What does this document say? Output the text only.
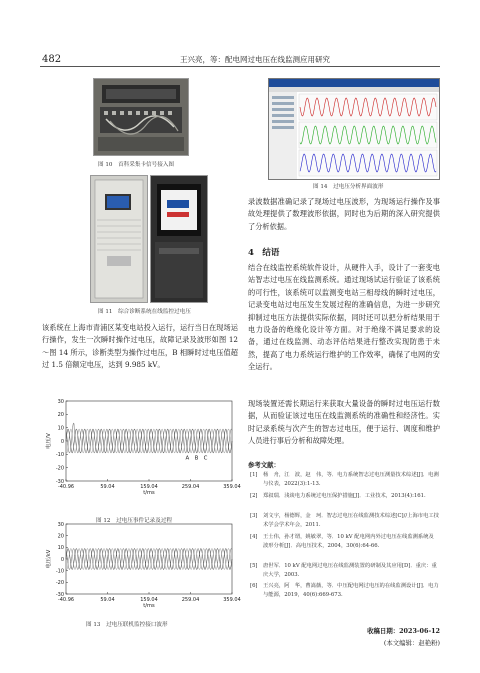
482	王兴亮，等：配电网过电压在线监测应用研究
图 10　首科采集卡信号接入图
图 11　综合诊断系统在线监控过电压
该系统在上海市青浦区某变电站投入运行，运行当日在现场运行操作，发生一次瞬时操作过电压，故障记录及波形如图 12～图 14 所示，诊断类型为操作过电压，B 相瞬时过电压值超过 1.5 倍额定电压，达到 9.985 kV。
30
20
10
0
-10
-20
-30
-40.96	59.04	159.04	259.04	359.04
t/ms
电压/V
A　B　C
图 12　过电压事件记录及过程
30
20
10
0
-10
-20
-30
-40.96	59.04	159.04	259.04	359.04
t/ms
电压/kV
图 13　过电压联机监控接口波形
图 14　过电压分析界面波形
录波数据准确记录了现场过电压波形，为现场运行操作及事故处理提供了数理波形依据，同时也为后期的深入研究提供了分析依据。
4　结语
结合在线监控系统软件设计，从硬件入手，设计了一套变电站智志过电压在线监测系统。通过现场试运行验证了该系统的可行性，该系统可以监测变电站三相母线的瞬时过电压，记录变电站过电压发生发展过程的准确信息，为进一步研究抑制过电压方法提供实际依据，同时还可以把分析结果用于电力设备的绝缘化设计等方面。对于绝缘不满足要求的设备，通过在线监测、动态评估结果进行整改实现防患于未然，提高了电力系统运行维护的工作效率，确保了电网的安全运行。
现场装置还需长期运行来获取大量设备的瞬时过电压运行数据，从而验证该过电压在线监测系统的准确性和经济性。实时记录系统与次产生的智志过电压，便于运行、调度和维护人员进行事后分析和故障处理。
参考文献：
[1]	杨　舟，江　波，赵　伟，等．电力系统智志过电压测量技术综述[J]．电测与仪表，2022(3):1-13.
[2]	郑叙瑞．浅谈电力系统过电压保护措施[J]．工业技术，2013(4):161.
[3]	刘文宇，杨德辉，金　珂．智志过电压在线监测技术综述[C]//上海市电工技术学会学术年会，2011.
[4]	王士伟，孙才谓，姚敏翠，等．10 kV 配电网内外过电压在线监测系统及波形分析[J]．高电压技术，2004，30(6):64-66.
[5]	唐世军．10 kV 配电网过电压在线监测装置的研制及其应用[D]．重庆：重庆大学，2003.
[6]	王兴亮，阿　华，曹嵩薇，等．中压配电网过电压的在线监测设计[J]．电力与能源，2019，40(6):669-673.
收稿日期：2023-06-12
(本文编辑：赵艳粉)
